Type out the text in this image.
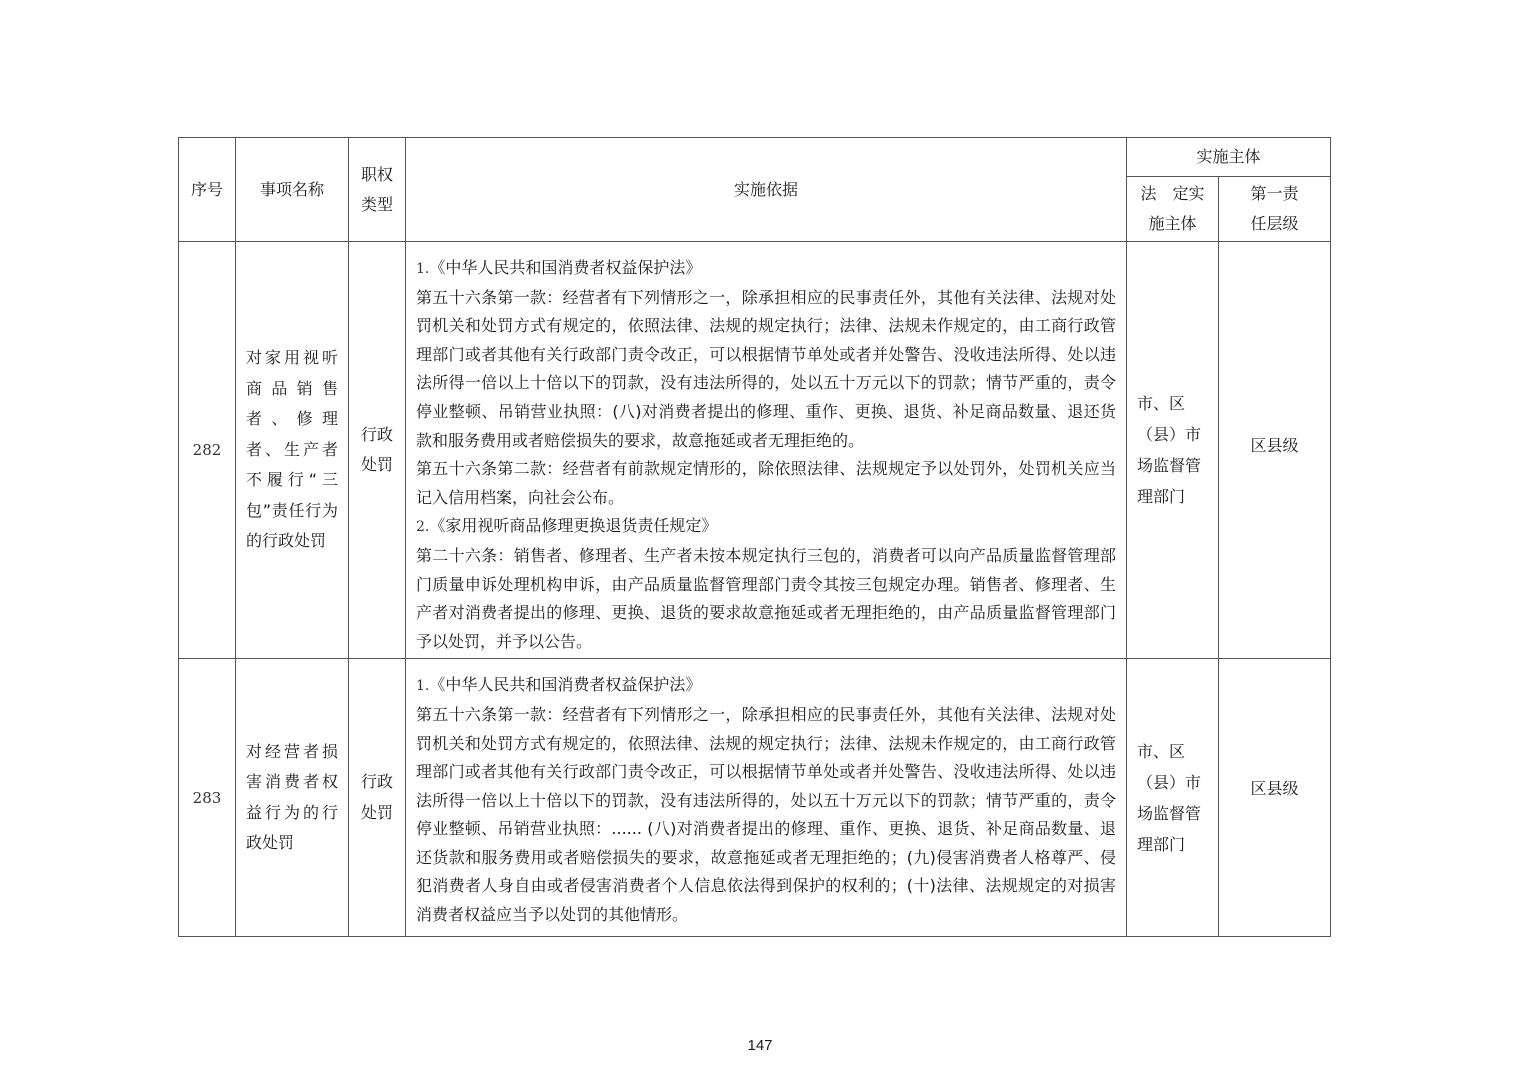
序号	事项名称	职权类型	实施依据	实施主体	
				法　定实施主体	第一责任层级
282	对家用视听商品销售者、修理者、生产者不履行“三包”责任行为的行政处罚	行政处罚	1.《中华人民共和国消费者权益保护法》
第五十六条第一款：经营者有下列情形之一，除承担相应的民事责任外，其他有关法律、法规对处罚机关和处罚方式有规定的，依照法律、法规的规定执行；法律、法规未作规定的，由工商行政管理部门或者其他有关行政部门责令改正，可以根据情节单处或者并处警告、没收违法所得、处以违法所得一倍以上十倍以下的罚款，没有违法所得的，处以五十万元以下的罚款；情节严重的，责令停业整顿、吊销营业执照：(八)对消费者提出的修理、重作、更换、退货、补足商品数量、退还货款和服务费用或者赔偿损失的要求，故意拖延或者无理拒绝的。
第五十六条第二款：经营者有前款规定情形的，除依照法律、法规规定予以处罚外，处罚机关应当记入信用档案，向社会公布。
2.《家用视听商品修理更换退货责任规定》
第二十六条：销售者、修理者、生产者未按本规定执行三包的，消费者可以向产品质量监督管理部门质量申诉处理机构申诉，由产品质量监督管理部门责令其按三包规定办理。销售者、修理者、生产者对消费者提出的修理、更换、退货的要求故意拖延或者无理拒绝的，由产品质量监督管理部门予以处罚，并予以公告。	市、区（县）市场监督管理部门	区县级
283	对经营者损害消费者权益行为的行政处罚	行政处罚	1.《中华人民共和国消费者权益保护法》
第五十六条第一款：经营者有下列情形之一，除承担相应的民事责任外，其他有关法律、法规对处罚机关和处罚方式有规定的，依照法律、法规的规定执行；法律、法规未作规定的，由工商行政管理部门或者其他有关行政部门责令改正，可以根据情节单处或者并处警告、没收违法所得、处以违法所得一倍以上十倍以下的罚款，没有违法所得的，处以五十万元以下的罚款；情节严重的，责令停业整顿、吊销营业执照：...... (八)对消费者提出的修理、重作、更换、退货、补足商品数量、退还货款和服务费用或者赔偿损失的要求，故意拖延或者无理拒绝的；(九)侵害消费者人格尊严、侵犯消费者人身自由或者侵害消费者个人信息依法得到保护的权利的；(十)法律、法规规定的对损害消费者权益应当予以处罚的其他情形。	市、区（县）市场监督管理部门	区县级
147
